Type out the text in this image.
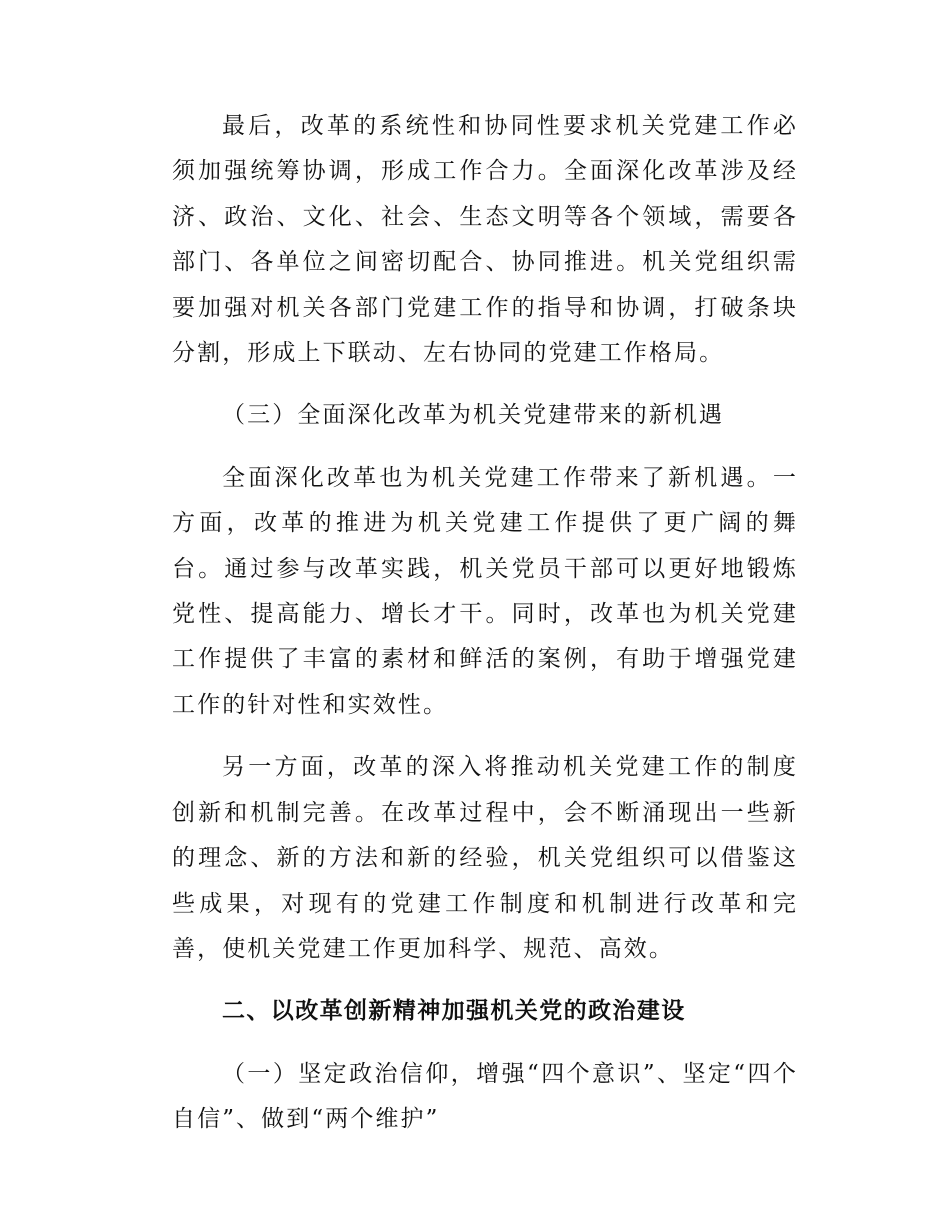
最后，改革的系统性和协同性要求机关党建工作必须加强统筹协调，形成工作合力。全面深化改革涉及经济、政治、文化、社会、生态文明等各个领域，需要各部门、各单位之间密切配合、协同推进。机关党组织需要加强对机关各部门党建工作的指导和协调，打破条块分割，形成上下联动、左右协同的党建工作格局。

（三）全面深化改革为机关党建带来的新机遇

全面深化改革也为机关党建工作带来了新机遇。一方面，改革的推进为机关党建工作提供了更广阔的舞台。通过参与改革实践，机关党员干部可以更好地锻炼党性、提高能力、增长才干。同时，改革也为机关党建工作提供了丰富的素材和鲜活的案例，有助于增强党建工作的针对性和实效性。

另一方面，改革的深入将推动机关党建工作的制度创新和机制完善。在改革过程中，会不断涌现出一些新的理念、新的方法和新的经验，机关党组织可以借鉴这些成果，对现有的党建工作制度和机制进行改革和完善，使机关党建工作更加科学、规范、高效。

二、以改革创新精神加强机关党的政治建设

（一）坚定政治信仰，增强“四个意识”、坚定“四个自信”、做到“两个维护”
